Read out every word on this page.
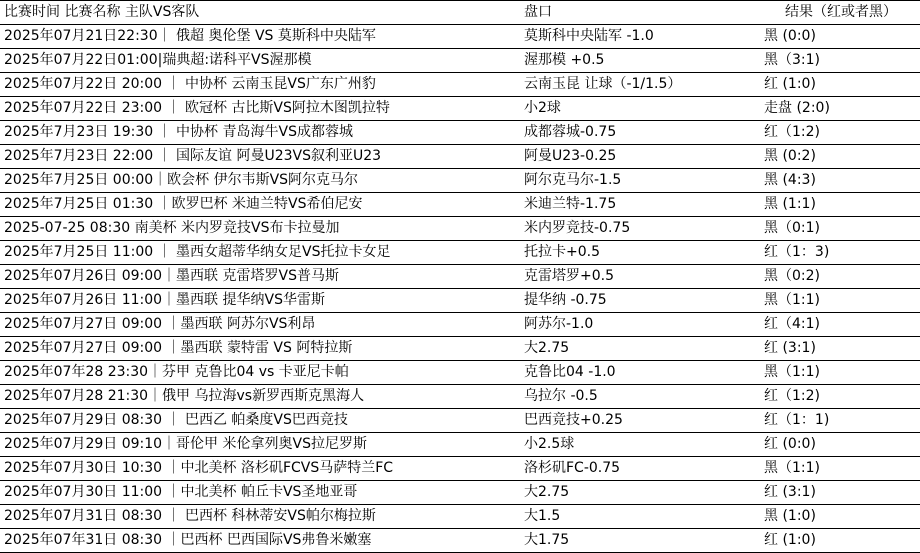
比赛时间 比赛名称 主队VS客队	盘口	结果（红或者黑）
2025年07月21日22:30｜ 俄超 奥伦堡 VS 莫斯科中央陆军	莫斯科中央陆军 -1.0	黑 (0:0)
2025年07月22日01:00|瑞典超:诺科平VS渥那模	渥那模 +0.5	黑（3:1)
2025年07月22日 20:00 ｜ 中协杯 云南玉昆VS广东广州豹	云南玉昆 让球（-1/1.5）	红 (1:0)
2025年07月22日 23:00 ｜ 欧冠杯 古比斯VS阿拉木图凯拉特	小2球	走盘 (2:0)
2025年7月23日 19:30 ｜ 中协杯 青岛海牛VS成都蓉城	成都蓉城-0.75	红（1:2)
2025年7月23日 22:00 ｜ 国际友谊 阿曼U23VS叙利亚U23	阿曼U23-0.25	黑 (0:2)
2025年7月25日 00:00｜欧会杯 伊尔韦斯VS阿尔克马尔	阿尔克马尔-1.5	黑 (4:3)
2025年7月25日 01:30 ｜欧罗巴杯 米迪兰特VS希伯尼安	米迪兰特-1.75	黑 (1:1)
2025-07-25 08:30 南美杯 米内罗竞技VS布卡拉曼加	米内罗竞技-0.75	黑（0:1)
2025年7月25日 11:00 ｜ 墨西女超蒂华纳女足VS托拉卡女足	托拉卡+0.5	红（1：3)
2025年07月26日 09:00｜墨西联 克雷塔罗VS普马斯	克雷塔罗+0.5	黑（0:2)
2025年07月26日 11:00｜墨西联 提华纳VS华雷斯	提华纳 -0.75	黑（1:1)
2025年07月27日 09:00 ｜墨西联 阿苏尔VS利昂	阿苏尔-1.0	红（4:1)
2025年07月27日 09:00 ｜墨西联 蒙特雷 VS 阿特拉斯	大2.75	红 (3:1)
2025年07年28 23:30｜芬甲 克鲁比04 vs 卡亚尼卡帕	克鲁比04 -1.0	黑（1:1)
2025年07月28 21:30｜俄甲 乌拉海vs新罗西斯克黑海人	乌拉尔 -0.5	红（1:2)
2025年07月29日 08:30 ｜ 巴西乙 帕桑度VS巴西竞技	巴西竞技+0.25	红（1：1)
2025年07月29日 09:10｜哥伦甲 米伦拿列奥VS拉尼罗斯	小2.5球	红 (0:0)
2025年07月30日 10:30 ｜中北美杯 洛杉矶FCVS马萨特兰FC	洛杉矶FC-0.75	黑（1:1)
2025年07月30日 11:00 ｜中北美杯 帕丘卡VS圣地亚哥	大2.75	红 (3:1)
2025年07月31日 08:30 ｜ 巴西杯 科林蒂安VS帕尔梅拉斯	大1.5	黑 (1:0)
2025年07年31日 08:30 ｜巴西杯 巴西国际VS弗鲁米嫩塞	大1.75	红 (1:0)
